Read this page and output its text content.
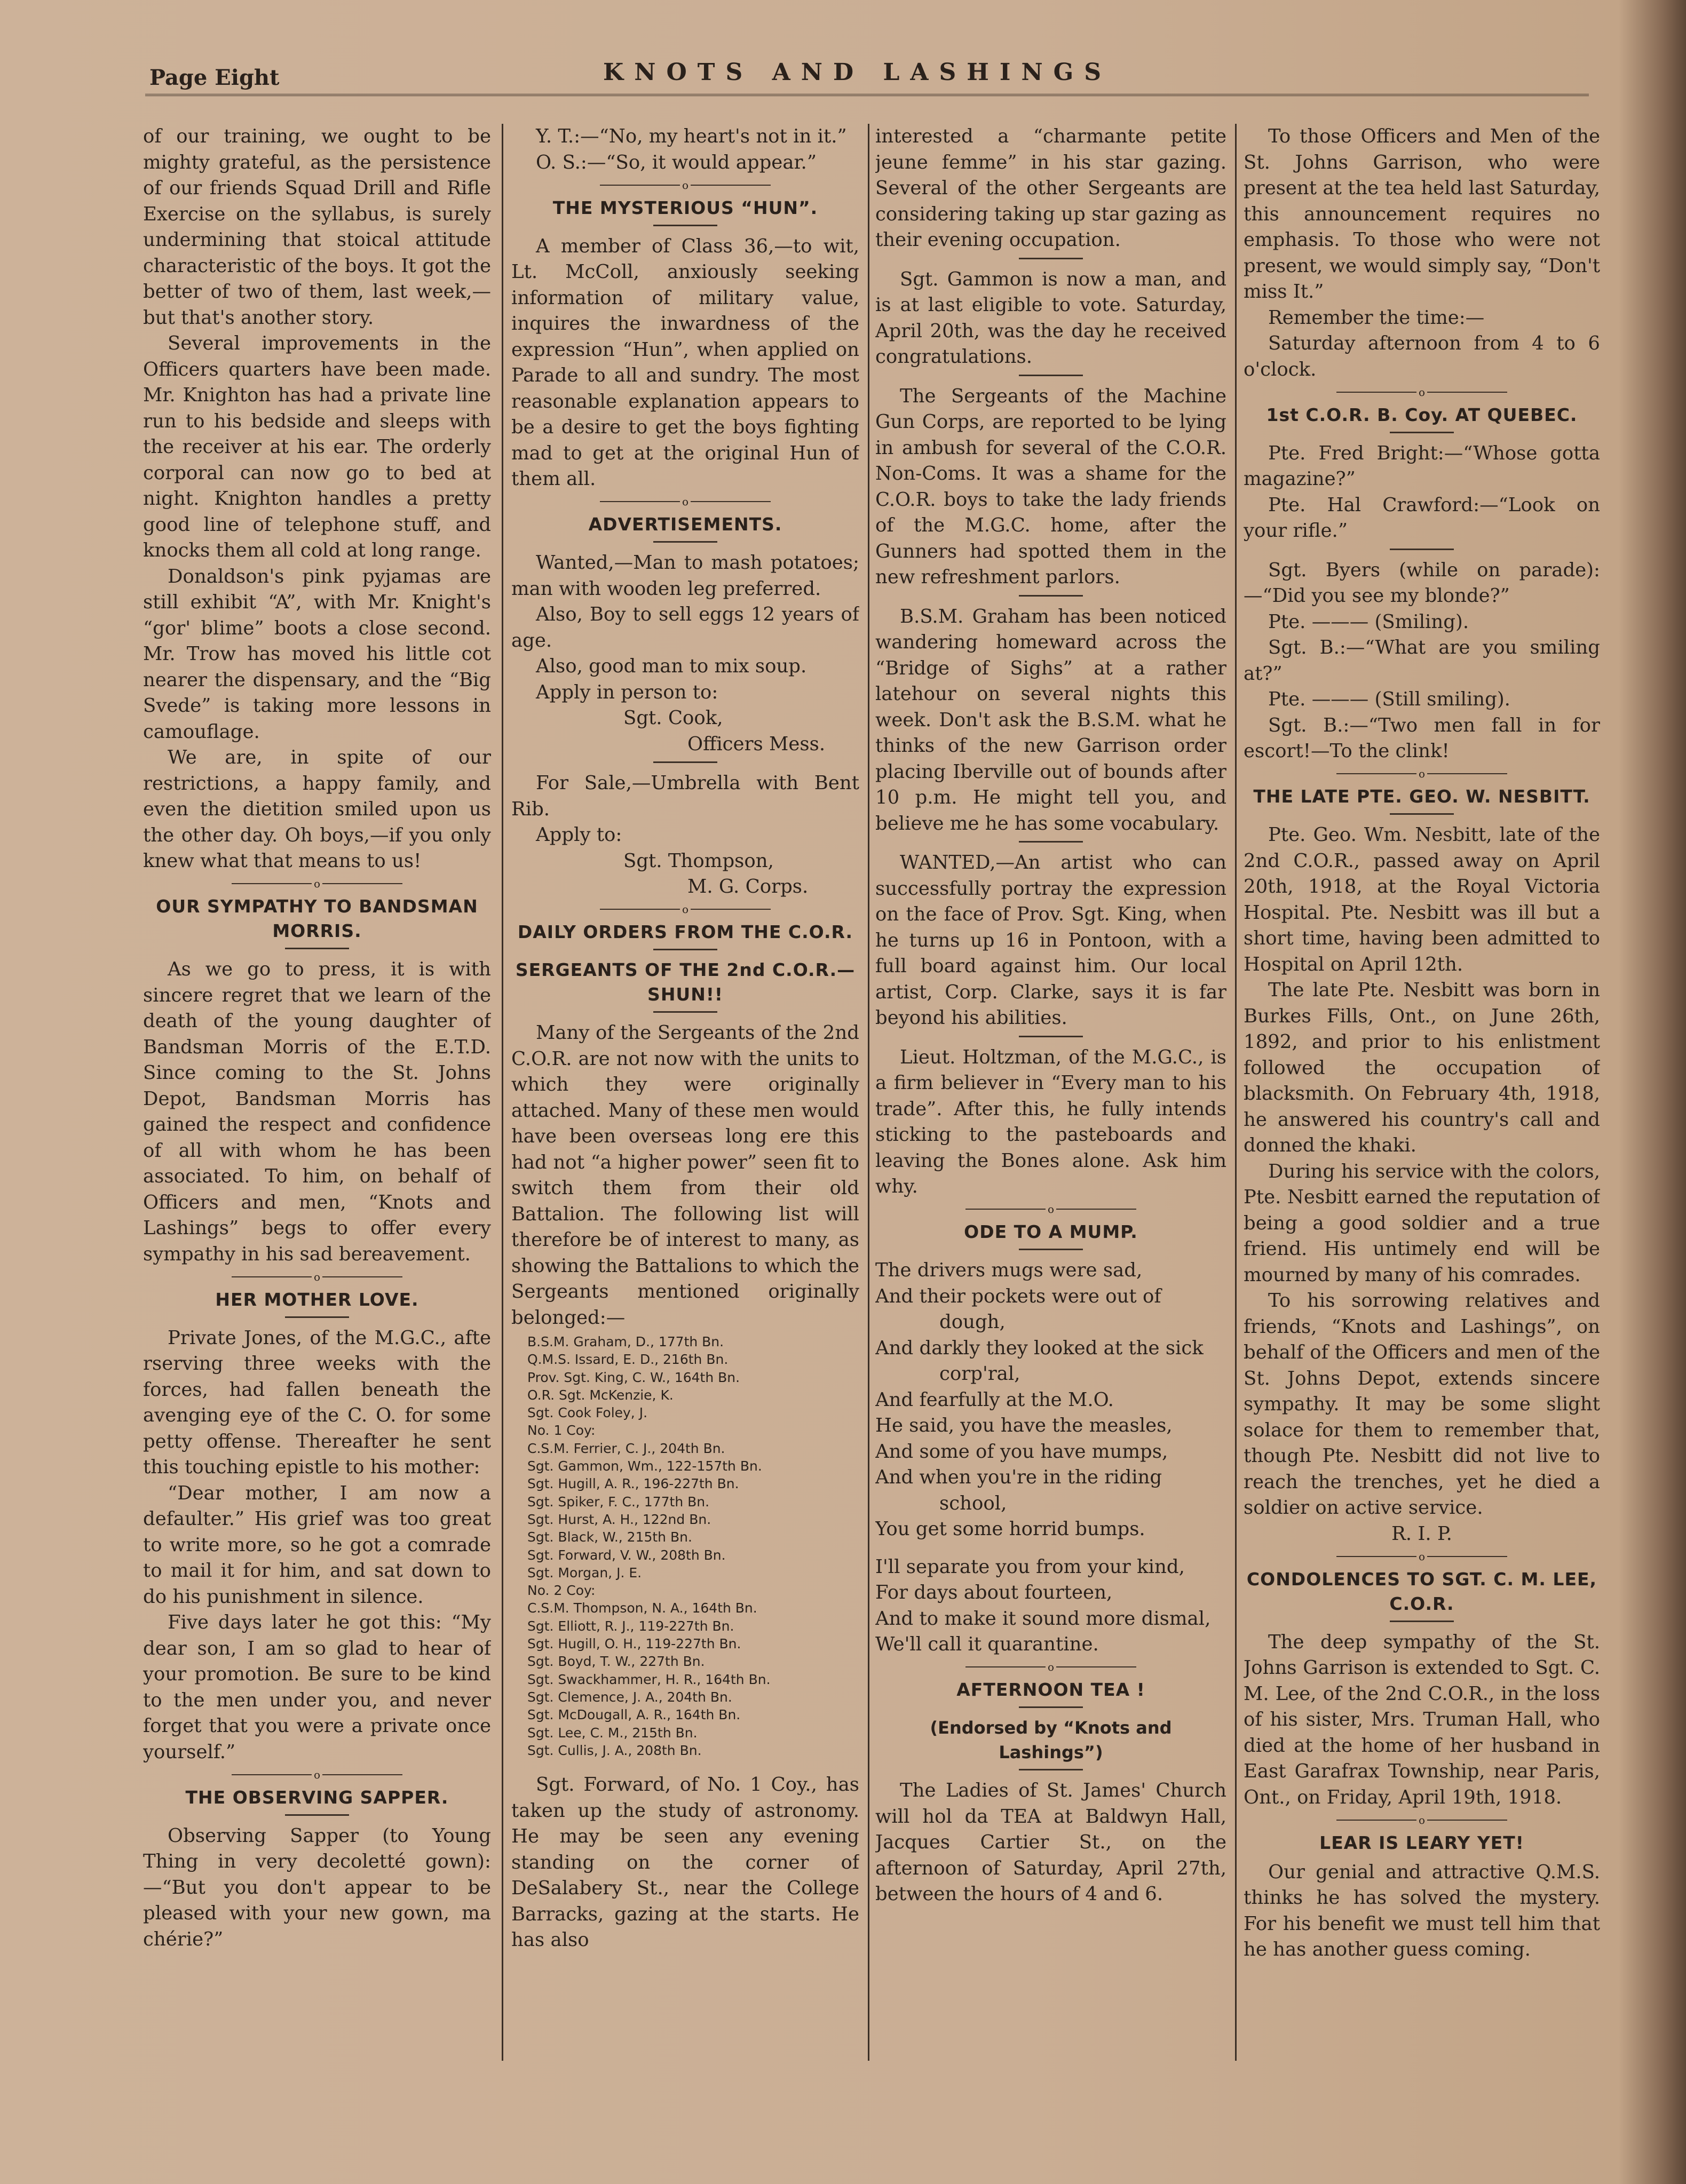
Page Eight	KNOTS AND LASHINGS

of our training, we ought to be mighty grateful, as the persistence of our friends Squad Drill and Rifle Exercise on the syllabus, is surely undermining that stoical attitude characteristic of the boys. It got the better of two of them, last week,—but that's another story.

Several improvements in the Officers quarters have been made. Mr. Knighton has had a private line run to his bedside and sleeps with the receiver at his ear. The orderly corporal can now go to bed at night. Knighton handles a pretty good line of telephone stuff, and knocks them all cold at long range.

Donaldson's pink pyjamas are still exhibit “A”, with Mr. Knight's “gor' blime” boots a close second. Mr. Trow has moved his little cot nearer the dispensary, and the “Big Svede” is taking more lessons in camouflage.

We are, in spite of our restrictions, a happy family, and even the dietition smiled upon us the other day. Oh boys,—if you only knew what that means to us!

o
OUR SYMPATHY TO BANDSMAN MORRIS.

As we go to press, it is with sincere regret that we learn of the death of the young daughter of Bandsman Morris of the E.T.D. Since coming to the St. Johns Depot, Bandsman Morris has gained the respect and confidence of all with whom he has been associated. To him, on behalf of Officers and men, “Knots and Lashings” begs to offer every sympathy in his sad bereavement.

o
HER MOTHER LOVE.

Private Jones, of the M.G.C., afte rserving three weeks with the forces, had fallen beneath the avenging eye of the C. O. for some petty offense. Thereafter he sent this touching epistle to his mother:

“Dear mother, I am now a defaulter.” His grief was too great to write more, so he got a comrade to mail it for him, and sat down to do his punishment in silence.

Five days later he got this: “My dear son, I am so glad to hear of your promotion. Be sure to be kind to the men under you, and never forget that you were a private once yourself.”

o
THE OBSERVING SAPPER.

Observing Sapper (to Young Thing in very decoletté gown):—“But you don't appear to be pleased with your new gown, ma chérie?”

Y. T.:—“No, my heart's not in it.”

O. S.:—“So, it would appear.”

o
THE MYSTERIOUS “HUN”.

A member of Class 36,—to wit, Lt. McColl, anxiously seeking information of military value, inquires the inwardness of the expression “Hun”, when applied on Parade to all and sundry. The most reasonable explanation appears to be a desire to get the boys fighting mad to get at the original Hun of them all.

o
ADVERTISEMENTS.

Wanted,—Man to mash potatoes; man with wooden leg preferred.

Also, Boy to sell eggs 12 years of age.

Also, good man to mix soup.

Apply in person to:

Sgt. Cook,

Officers Mess.

For Sale,—Umbrella with Bent Rib.

Apply to:

Sgt. Thompson,

M. G. Corps.

o
DAILY ORDERS FROM THE C.O.R.
SERGEANTS OF THE 2nd C.O.R.—SHUN!!

Many of the Sergeants of the 2nd C.O.R. are not now with the units to which they were originally attached. Many of these men would have been overseas long ere this had not “a higher power” seen fit to switch them from their old Battalion. The following list will therefore be of interest to many, as showing the Battalions to which the Sergeants mentioned originally belonged:—

B.S.M. Graham, D., 177th Bn.
Q.M.S. Issard, E. D., 216th Bn.
Prov. Sgt. King, C. W., 164th Bn.
O.R. Sgt. McKenzie, K.
Sgt. Cook Foley, J.
No. 1 Coy:
C.S.M. Ferrier, C. J., 204th Bn.
Sgt. Gammon, Wm., 122-157th Bn.
Sgt. Hugill, A. R., 196-227th Bn.
Sgt. Spiker, F. C., 177th Bn.
Sgt. Hurst, A. H., 122nd Bn.
Sgt. Black, W., 215th Bn.
Sgt. Forward, V. W., 208th Bn.
Sgt. Morgan, J. E.
No. 2 Coy:
C.S.M. Thompson, N. A., 164th Bn.
Sgt. Elliott, R. J., 119-227th Bn.
Sgt. Hugill, O. H., 119-227th Bn.
Sgt. Boyd, T. W., 227th Bn.
Sgt. Swackhammer, H. R., 164th Bn.
Sgt. Clemence, J. A., 204th Bn.
Sgt. McDougall, A. R., 164th Bn.
Sgt. Lee, C. M., 215th Bn.
Sgt. Cullis, J. A., 208th Bn.

Sgt. Forward, of No. 1 Coy., has taken up the study of astronomy. He may be seen any evening standing on the corner of DeSalabery St., near the College Barracks, gazing at the starts. He has also

interested a “charmante petite jeune femme” in his star gazing. Several of the other Sergeants are considering taking up star gazing as their evening occupation.

Sgt. Gammon is now a man, and is at last eligible to vote. Saturday, April 20th, was the day he received congratulations.

The Sergeants of the Machine Gun Corps, are reported to be lying in ambush for several of the C.O.R. Non-Coms. It was a shame for the C.O.R. boys to take the lady friends of the M.G.C. home, after the Gunners had spotted them in the new refreshment parlors.

B.S.M. Graham has been noticed wandering homeward across the “Bridge of Sighs” at a rather latehour on several nights this week. Don't ask the B.S.M. what he thinks of the new Garrison order placing Iberville out of bounds after 10 p.m. He might tell you, and believe me he has some vocabulary.

WANTED,—An artist who can successfully portray the expression on the face of Prov. Sgt. King, when he turns up 16 in Pontoon, with a full board against him. Our local artist, Corp. Clarke, says it is far beyond his abilities.

Lieut. Holtzman, of the M.G.C., is a firm believer in “Every man to his trade”. After this, he fully intends sticking to the pasteboards and leaving the Bones alone. Ask him why.

o
ODE TO A MUMP.

The drivers mugs were sad,

And their pockets were out of

dough,

And darkly they looked at the sick

corp'ral,

And fearfully at the M.O.

He said, you have the measles,

And some of you have mumps,

And when you're in the riding

school,

You get some horrid bumps.

I'll separate you from your kind,

For days about fourteen,

And to make it sound more dismal,

We'll call it quarantine.

o
AFTERNOON TEA !
(Endorsed by “Knots and Lashings”)

The Ladies of St. James' Church will hol da TEA at Baldwyn Hall, Jacques Cartier St., on the afternoon of Saturday, April 27th, between the hours of 4 and 6.

To those Officers and Men of the St. Johns Garrison, who were present at the tea held last Saturday, this announcement requires no emphasis. To those who were not present, we would simply say, “Don't miss It.”

Remember the time:—

Saturday afternoon from 4 to 6 o'clock.

o
1st C.O.R. B. Coy. AT QUEBEC.

Pte. Fred Bright:—“Whose gotta magazine?”

Pte. Hal Crawford:—“Look on your rifle.”

Sgt. Byers (while on parade):—“Did you see my blonde?”

Pte. ——— (Smiling).

Sgt. B.:—“What are you smiling at?”

Pte. ——— (Still smiling).

Sgt. B.:—“Two men fall in for escort!—To the clink!

o
THE LATE PTE. GEO. W. NESBITT.

Pte. Geo. Wm. Nesbitt, late of the 2nd C.O.R., passed away on April 20th, 1918, at the Royal Victoria Hospital. Pte. Nesbitt was ill but a short time, having been admitted to Hospital on April 12th.

The late Pte. Nesbitt was born in Burkes Fills, Ont., on June 26th, 1892, and prior to his enlistment followed the occupation of blacksmith. On February 4th, 1918, he answered his country's call and donned the khaki.

During his service with the colors, Pte. Nesbitt earned the reputation of being a good soldier and a true friend. His untimely end will be mourned by many of his comrades.

To his sorrowing relatives and friends, “Knots and Lashings”, on behalf of the Officers and men of the St. Johns Depot, extends sincere sympathy. It may be some slight solace for them to remember that, though Pte. Nesbitt did not live to reach the trenches, yet he died a soldier on active service.

R. I. P.

o
CONDOLENCES TO SGT. C. M. LEE, C.O.R.

The deep sympathy of the St. Johns Garrison is extended to Sgt. C. M. Lee, of the 2nd C.O.R., in the loss of his sister, Mrs. Truman Hall, who died at the home of her husband in East Garafrax Township, near Paris, Ont., on Friday, April 19th, 1918.

o
LEAR IS LEARY YET!

Our genial and attractive Q.M.S. thinks he has solved the mystery. For his benefit we must tell him that he has another guess coming.
